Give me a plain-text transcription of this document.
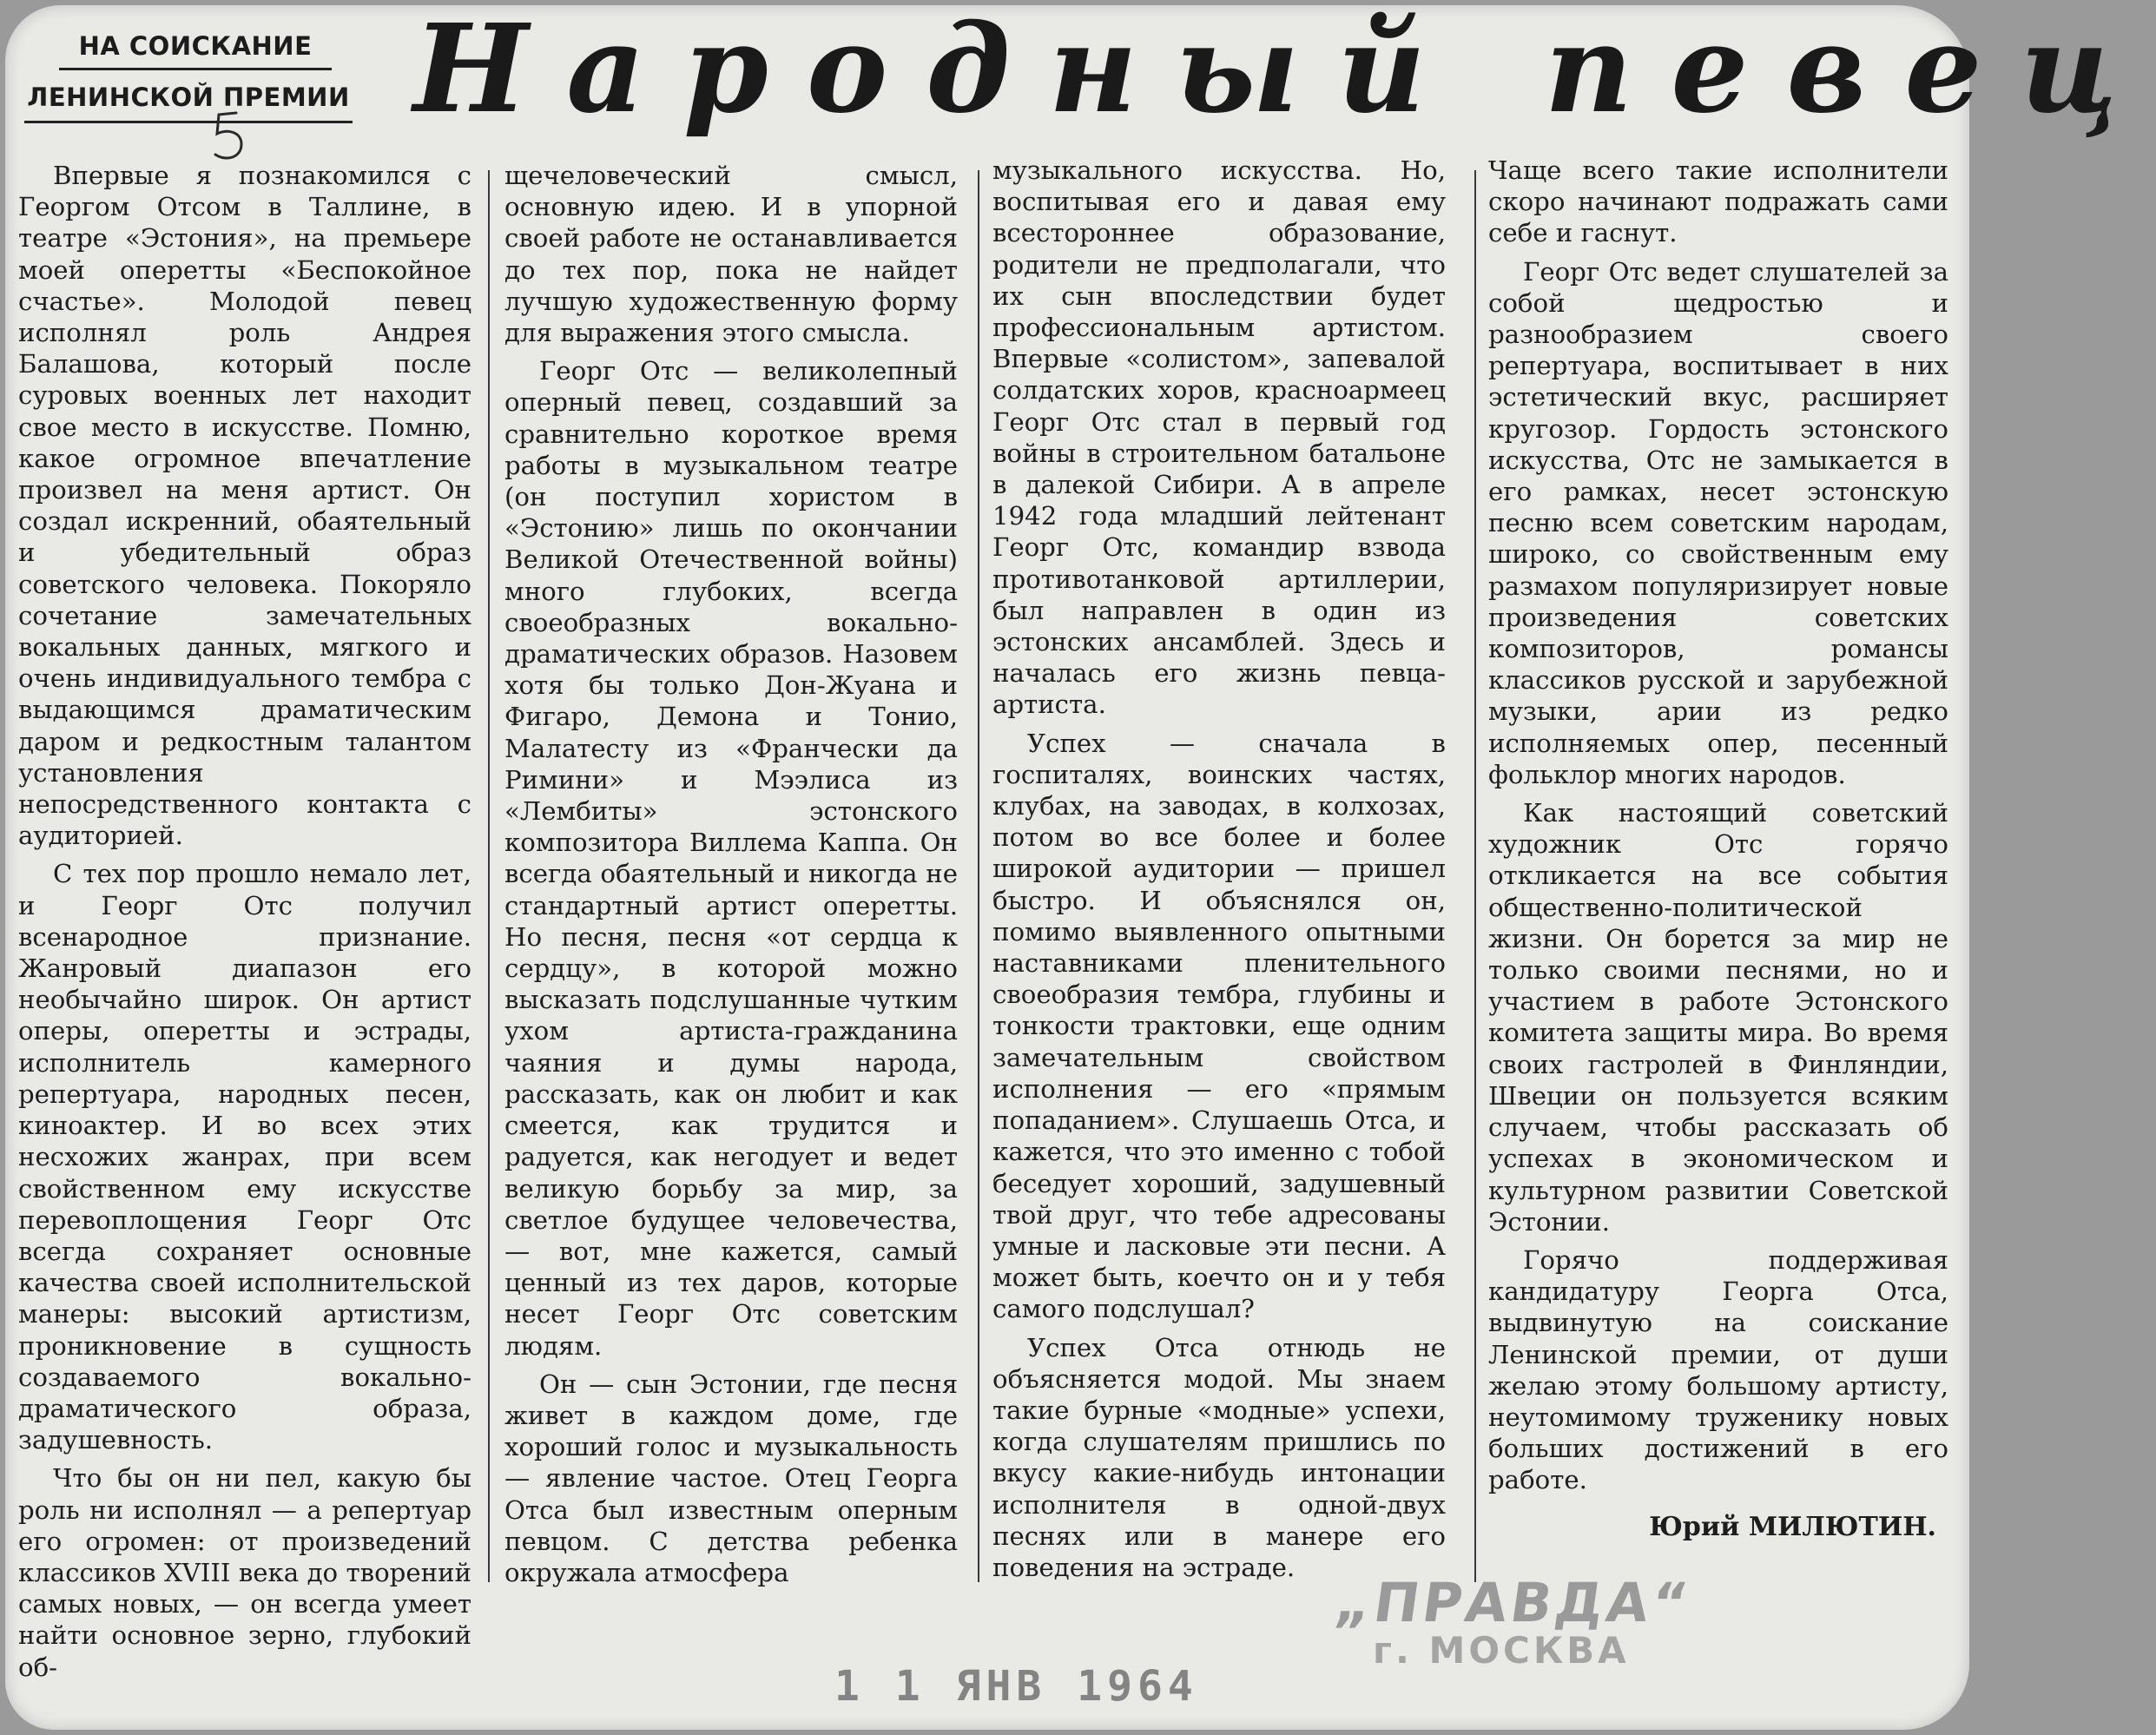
НА СОИСКАНИЕ
ЛЕНИНСКОЙ ПРЕМИИ Народный певец

Впервые я познакомился с Георгом Отсом в Таллине, в театре «Эстония», на премьере моей оперетты «Беспокойное счастье». Молодой певец исполнял роль Андрея Балашова, который после суровых военных лет находит свое место в искусстве. Помню, какое огромное впечатление произвел на меня артист. Он создал искренний, обаятельный и убедительный образ советского человека. Покоряло сочетание замечательных вокальных данных, мягкого и очень индивидуального тембра с выдающимся драматическим даром и редкостным талантом установления непосредственного контакта с аудиторией.

С тех пор прошло немало лет, и Георг Отс получил всенародное признание. Жанровый диапазон его необычайно широк. Он артист оперы, оперетты и эстрады, исполнитель камерного репертуара, народных песен, киноактер. И во всех этих несхожих жанрах, при всем свойственном ему искусстве перевоплощения Георг Отс всегда сохраняет основные качества своей исполнительской манеры: высокий артистизм, проникновение в сущность создаваемого вокально-драматического образа, задушевность.

Что бы он ни пел, какую бы роль ни исполнял — а репертуар его огромен: от произведений классиков XVIII века до творений самых новых, — он всегда умеет найти основное зерно, глубокий об-

щечеловеческий смысл, основную идею. И в упорной своей работе не останавливается до тех пор, пока не найдет лучшую художественную форму для выражения этого смысла.

Георг Отс — великолепный оперный певец, создавший за сравнительно короткое время работы в музыкальном театре (он поступил хористом в «Эстонию» лишь по окончании Великой Отечественной войны) много глубоких, всегда своеобразных вокально-драматических образов. Назовем хотя бы только Дон-Жуана и Фигаро, Демона и Тонио, Малатесту из «Франчески да Римини» и Мээлиса из «Лембиты» эстонского композитора Виллема Каппа. Он всегда обаятельный и никогда не стандартный артист оперетты. Но песня, песня «от сердца к сердцу», в которой можно высказать подслушанные чутким ухом артиста-гражданина чаяния и думы народа, рассказать, как он любит и как смеется, как трудится и радуется, как негодует и ведет великую борьбу за мир, за светлое будущее человечества, — вот, мне кажется, самый ценный из тех даров, которые несет Георг Отс советским людям.

Он — сын Эстонии, где песня живет в каждом доме, где хороший голос и музыкальность — явление частое. Отец Георга Отса был известным оперным певцом. С детства ребенка окружала атмосфера

музыкального искусства. Но, воспитывая его и давая ему всестороннее образование, родители не предполагали, что их сын впоследствии будет профессиональным артистом. Впервые «солистом», запевалой солдатских хоров, красноармеец Георг Отс стал в первый год войны в строительном батальоне в далекой Сибири. А в апреле 1942 года младший лейтенант Георг Отс, командир взвода противотанковой артиллерии, был направлен в один из эстонских ансамблей. Здесь и началась его жизнь певца-артиста.

Успех — сначала в госпиталях, воинских частях, клубах, на заводах, в колхозах, потом во все более и более широкой аудитории — пришел быстро. И объяснялся он, помимо выявленного опытными наставниками пленительного своеобразия тембра, глубины и тонкости трактовки, еще одним замечательным свойством исполнения — его «прямым попаданием». Слушаешь Отса, и кажется, что это именно с тобой беседует хороший, задушевный твой друг, что тебе адресованы умные и ласковые эти песни. А может быть, коечто он и у тебя самого подслушал?

Успех Отса отнюдь не объясняется модой. Мы знаем такие бурные «модные» успехи, когда слушателям пришлись по вкусу какие-нибудь интонации исполнителя в одной-двух песнях или в манере его поведения на эстраде.

Чаще всего такие исполнители скоро начинают подражать сами себе и гаснут.

Георг Отс ведет слушателей за собой щедростью и разнообразием своего репертуара, воспитывает в них эстетический вкус, расширяет кругозор. Гордость эстонского искусства, Отс не замыкается в его рамках, несет эстонскую песню всем советским народам, широко, со свойственным ему размахом популяризирует новые произведения советских композиторов, романсы классиков русской и зарубежной музыки, арии из редко исполняемых опер, песенный фольклор многих народов.

Как настоящий советский художник Отс горячо откликается на все события общественно-политической жизни. Он борется за мир не только своими песнями, но и участием в работе Эстонского комитета защиты мира. Во время своих гастролей в Финляндии, Швеции он пользуется всяким случаем, чтобы рассказать об успехах в экономическом и культурном развитии Советской Эстонии.

Горячо поддерживая кандидатуру Георга Отса, выдвинутую на соискание Ленинской премии, от души желаю этому большому артисту, неутомимому труженику новых больших достижений в его работе.

Юрий МИЛЮТИН.
„ПРАВДА“
г. МОСКВА
1 1 ЯНВ 1964
